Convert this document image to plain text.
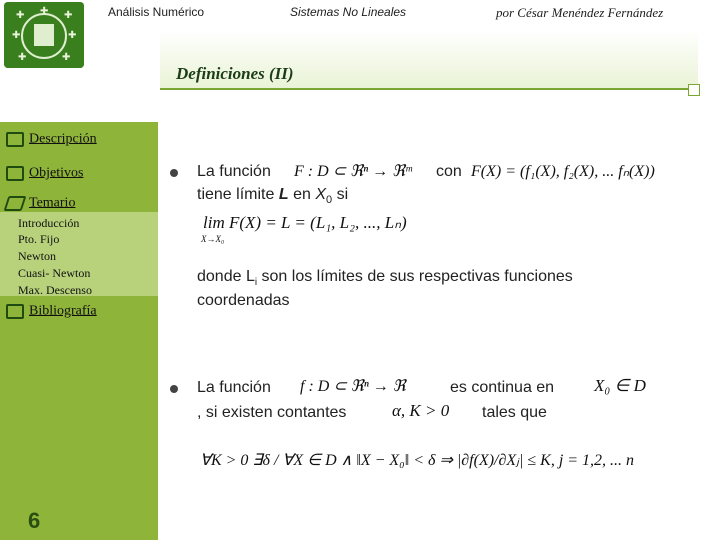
✚	✚
✚
✚	✚
✚	✚
Análisis Numérico	Sistemas No Lineales	por César Menéndez Fernández
Definiciones (II)
Descripción
Objetivos
Temario
Introducción
Pto. Fijo
Newton
Cuasi- Newton
Max. Descenso
Bibliografía
6
La función F : D ⊂ ℜⁿ → ℜᵐ con F(X) = (f₁(X), f₂(X), ... fₙ(X))
tiene límite L en $X_0$ si
lim F(X) = L = (L₁, L₂, ..., Lₙ)
X→X₀
donde $L_i$ son los límites de sus respectivas funciones
coordenadas
La función f : D ⊂ ℜⁿ → ℜ	es continua en X₀ ∈ D
, si existen contantes	α, K > 0 tales que
∀K > 0 ∃δ / ∀X ∈ D ∧ ‖X − X₀‖ < δ ⇒ |∂f(X)/∂Xⱼ| ≤ K, j = 1,2, ... n
